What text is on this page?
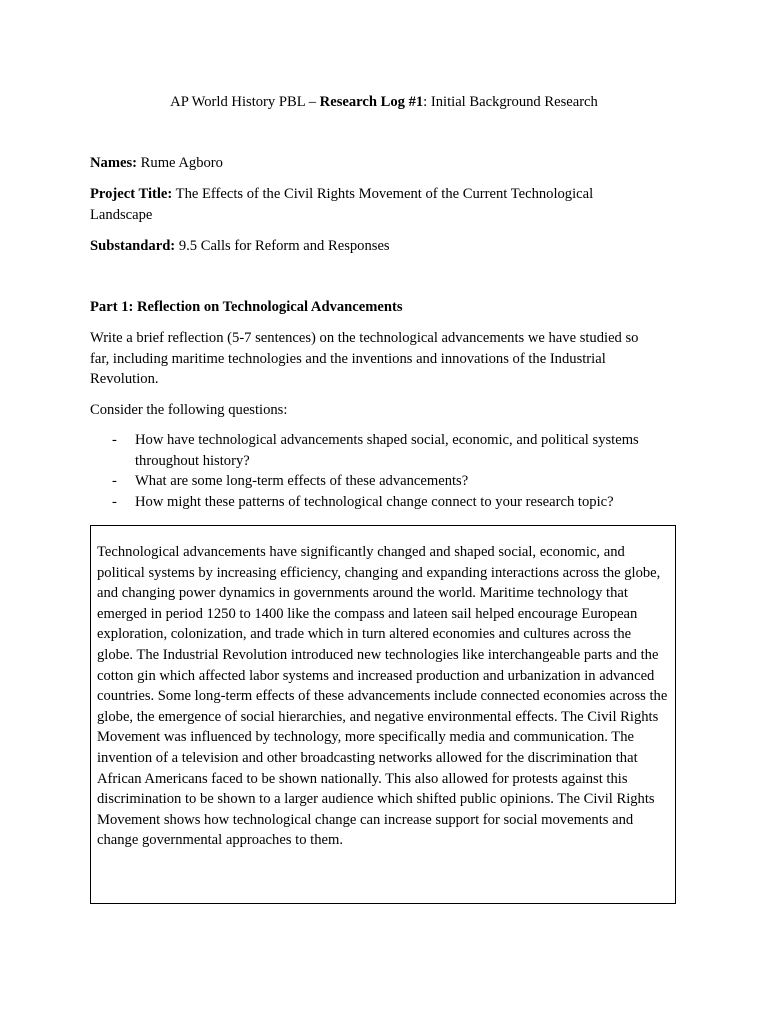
AP World History PBL – Research Log #1: Initial Background Research
Names: Rume Agboro
Project Title: The Effects of the Civil Rights Movement of the Current Technological Landscape
Substandard: 9.5 Calls for Reform and Responses
Part 1: Reflection on Technological Advancements
Write a brief reflection (5-7 sentences) on the technological advancements we have studied so far, including maritime technologies and the inventions and innovations of the Industrial Revolution.
Consider the following questions:
- How have technological advancements shaped social, economic, and political systems throughout history?
- What are some long-term effects of these advancements?
- How might these patterns of technological change connect to your research topic?

Technological advancements have significantly changed and shaped social, economic, and political systems by increasing efficiency, changing and expanding interactions across the globe, and changing power dynamics in governments around the world. Maritime technology that emerged in period 1250 to 1400 like the compass and lateen sail helped encourage European exploration, colonization, and trade which in turn altered economies and cultures across the globe. The Industrial Revolution introduced new technologies like interchangeable parts and the cotton gin which affected labor systems and increased production and urbanization in advanced countries. Some long-term effects of these advancements include connected economies across the globe, the emergence of social hierarchies, and negative environmental effects. The Civil Rights Movement was influenced by technology, more specifically media and communication. The invention of a television and other broadcasting networks allowed for the discrimination that African Americans faced to be shown nationally. This also allowed for protests against this discrimination to be shown to a larger audience which shifted public opinions. The Civil Rights Movement shows how technological change can increase support for social movements and change governmental approaches to them.
